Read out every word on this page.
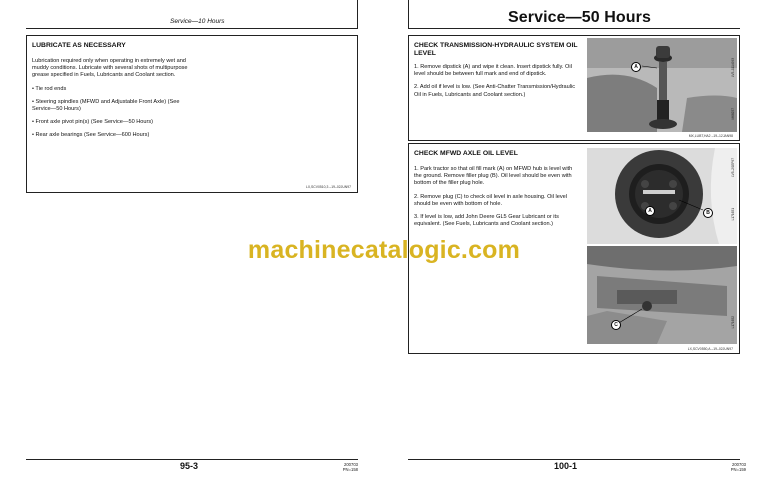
Service—10 Hours
LUBRICATE AS NECESSARY

Lubrication required only when operating in extremely wet and muddy conditions. Lubricate with several shots of multipurpose grease specified in Fuels, Lubricants and Coolant section.

• Tie rod ends

• Steering spindles (MFWD and Adjustable Front Axle) (See Service—50 Hours)

• Front axle pivot pin(s) (See Service—50 Hours)

• Rear axle bearings (See Service—600 Hours)

LX,SCV0510,3 –19–02JUN97
95-3	200703
PN=158
Service—50 Hours
CHECK TRANSMISSION-HYDRAULIC SYSTEM OIL LEVEL

1. Remove dipstick (A) and wipe it clean. Insert dipstick fully. Oil level should be between full mark and end of dipstick.

2. Add oil if level is low. (See Anti-Chatter Transmission/Hydraulic Oil in Fuels, Lubricants and Coolant section.)

A	LV5–1114993
M68257
MX,LUBT,HA2 –19–12JAN98
CHECK MFWD AXLE OIL LEVEL

1. Park tractor so that oil fill mark (A) on MFWD hub is level with the ground. Remove filler plug (B). Oil level should be even with bottom of the filler plug hole.

2. Remove plug (C) to check oil level in axle housing. Oil level should be even with bottom of hole.

3. If level is low, add John Deere GL5 Gear Lubricant or its equivalent. (See Fuels, Lubricants and Coolant section.)

A	B
LV5–2SEP97
L171651
C	L171652
LX,SCV0550,A –19–02JUN97
100-1	200703
PN=159
machinecatalogic.com
